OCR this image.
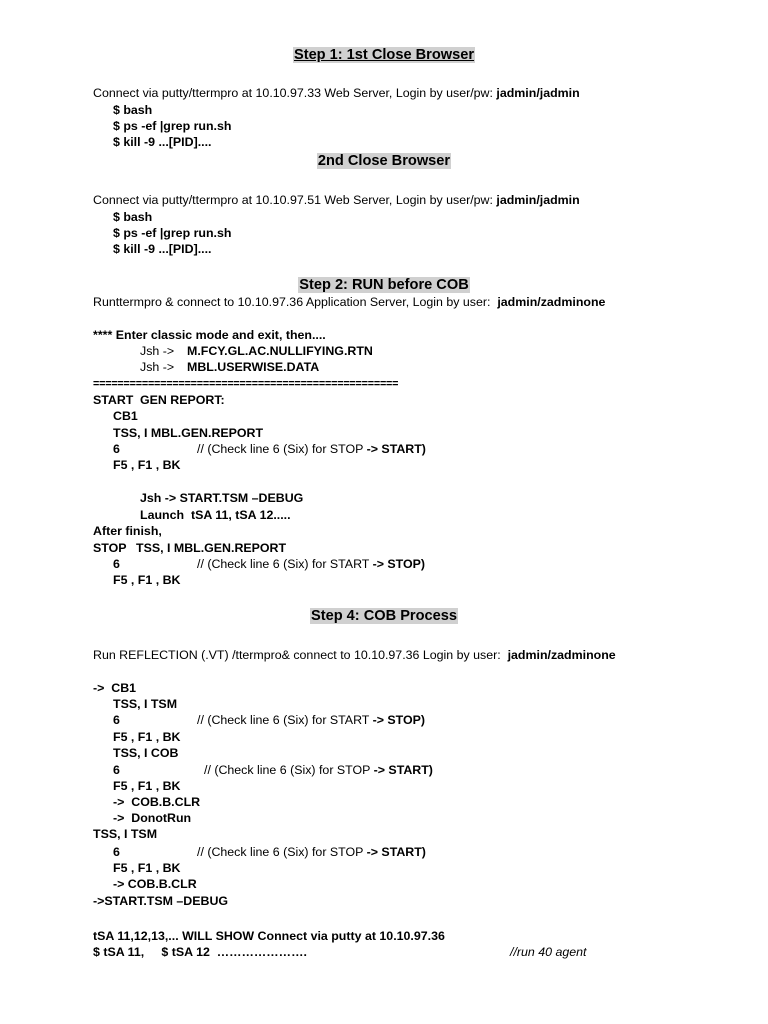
Step 1: 1st Close Browser
Connect via putty/ttermpro at 10.10.97.33 Web Server, Login by user/pw: jadmin/jadmin
$ bash
$ ps -ef |grep run.sh
$ kill -9 ...[PID]....
2nd Close Browser
Connect via putty/ttermpro at 10.10.97.51 Web Server, Login by user/pw: jadmin/jadmin
$ bash
$ ps -ef |grep run.sh
$ kill -9 ...[PID]....
Step 2: RUN before COB
Runttermpro & connect to 10.10.97.36 Application Server, Login by user:  jadmin/zadminone
**** Enter classic mode and exit, then....
Jsh -> M.FCY.GL.AC.NULLIFYING.RTN
Jsh -> MBL.USERWISE.DATA
==================================================
START GEN REPORT:
CB1
TSS, I MBL.GEN.REPORT
6	// (Check line 6 (Six) for STOP -> START)
F5 , F1 , BK
Jsh -> START.TSM –DEBUG
Launch  tSA 11, tSA 12.....
After finish,
STOP TSS, I MBL.GEN.REPORT
6	// (Check line 6 (Six) for START -> STOP)
F5 , F1 , BK
Step 4: COB Process
Run REFLECTION (.VT) /ttermpro& connect to 10.10.97.36 Login by user:  jadmin/zadminone
->  CB1
TSS, I TSM
6	// (Check line 6 (Six) for START -> STOP)
F5 , F1 , BK
TSS, I COB
6	// (Check line 6 (Six) for STOP -> START)
F5 , F1 , BK
->  COB.B.CLR
->  DonotRun
TSS, I TSM
6	// (Check line 6 (Six) for STOP -> START)
F5 , F1 , BK
-> COB.B.CLR
->START.TSM –DEBUG
tSA 11,12,13,... WILL SHOW Connect via putty at 10.10.97.36
$ tSA 11,     $ tSA 12  ………………….	//run 40 agent
